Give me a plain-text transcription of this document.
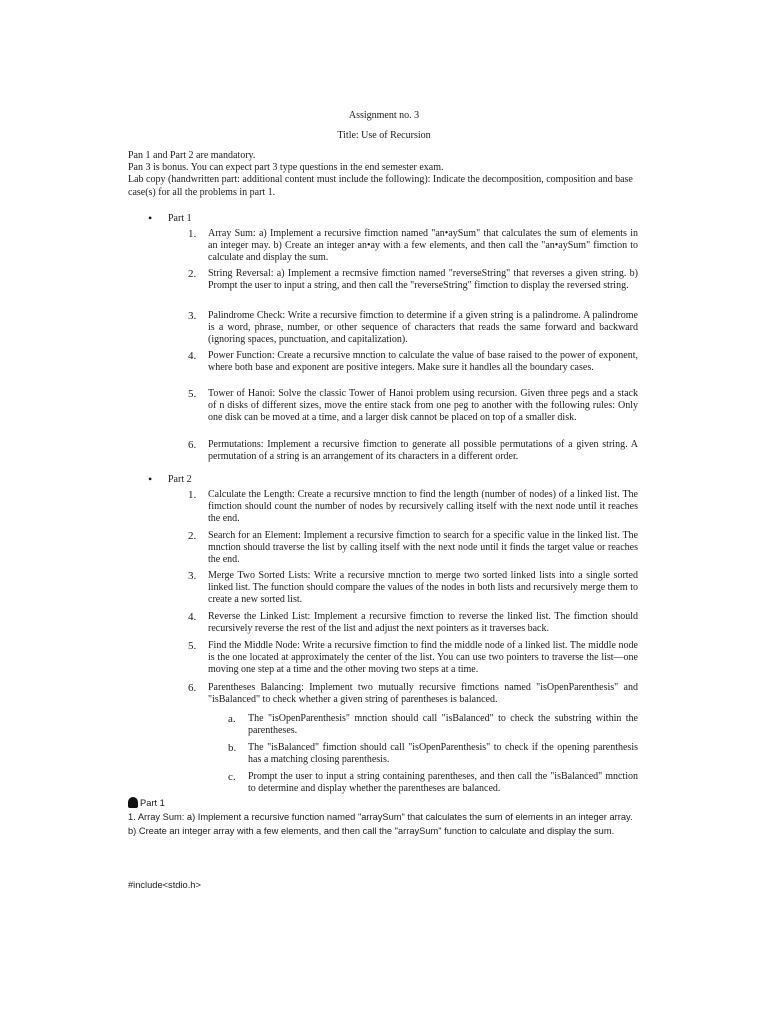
Assignment no. 3
Title: Use of Recursion

Pan 1 and Part 2 are mandatory.

Pan 3 is bonus. You can expect part 3 type questions in the end semester exam.

Lab copy (handwritten part: additional content must include the following): Indicate the decomposition, composition and base case(s) for all the problems in part 1.

• Part 1
1.	Array Sum: a) Implement a recursive fimction named "an•aySum" that calculates the sum of elements in an integer may. b) Create an integer an•ay with a few elements, and then call the "an•aySum" fimction to calculate and display the sum.
2.	String Reversal: a) Implement a recmsive fimction named "reverseString" that reverses a given string. b) Prompt the user to input a string, and then call the "reverseString" fimction to display the reversed string.
3.	Palindrome Check: Write a recursive fimction to determine if a given string is a palindrome. A palindrome is a word, phrase, number, or other sequence of characters that reads the same forward and backward (ignoring spaces, punctuation, and capitalization).
4.	Power Function: Create a recursive mnction to calculate the value of base raised to the power of exponent, where both base and exponent are positive integers. Make sure it handles all the boundary cases.
5.	Tower of Hanoi: Solve the classic Tower of Hanoi problem using recursion. Given three pegs and a stack of n disks of different sizes, move the entire stack from one peg to another with the following rules: Only one disk can be moved at a time, and a larger disk cannot be placed on top of a smaller disk.
6.	Permutations: Implement a recursive fimction to generate all possible permutations of a given string. A permutation of a string is an arrangement of its characters in a different order.
• Part 2
1.	Calculate the Length: Create a recursive mnction to find the length (number of nodes) of a linked list. The fimction should count the number of nodes by recursively calling itself with the next node until it reaches the end.
2.	Search for an Element: Implement a recursive fimction to search for a specific value in the linked list. The mnction should traverse the list by calling itself with the next node until it finds the target value or reaches the end.
3.	Merge Two Sorted Lists: Write a recursive mnction to merge two sorted linked lists into a single sorted linked list. The function should compare the values of the nodes in both lists and recursively merge them to create a new sorted list.
4.	Reverse the Linked List: Implement a recursive fimction to reverse the linked list. The fimction should recursively reverse the rest of the list and adjust the next pointers as it traverses back.
5.	Find the Middle Node: Write a recursive fimction to find the middle node of a linked list. The middle node is the one located at approximately the center of the list. You can use two pointers to traverse the list—one moving one step at a time and the other moving two steps at a time.
6.	Parentheses Balancing: Implement two mutually recursive fimctions named "isOpenParenthesis" and "isBalanced" to check whether a given string of parentheses is balanced.
a.	The "isOpenParenthesis" mnction should call "isBalanced" to check the substring within the parentheses.
b.	The "isBalanced" fimction should call "isOpenParenthesis" to check if the opening parenthesis has a matching closing parenthesis.
c.	Prompt the user to input a string containing parentheses, and then call the "isBalanced" mnction to determine and display whether the parentheses are balanced.
Part 1
1. Array Sum: a) Implement a recursive function named "arraySum" that calculates the sum of elements in an integer array. b) Create an integer array with a few elements, and then call the "arraySum" function to calculate and display the sum.
#include<stdio.h>
